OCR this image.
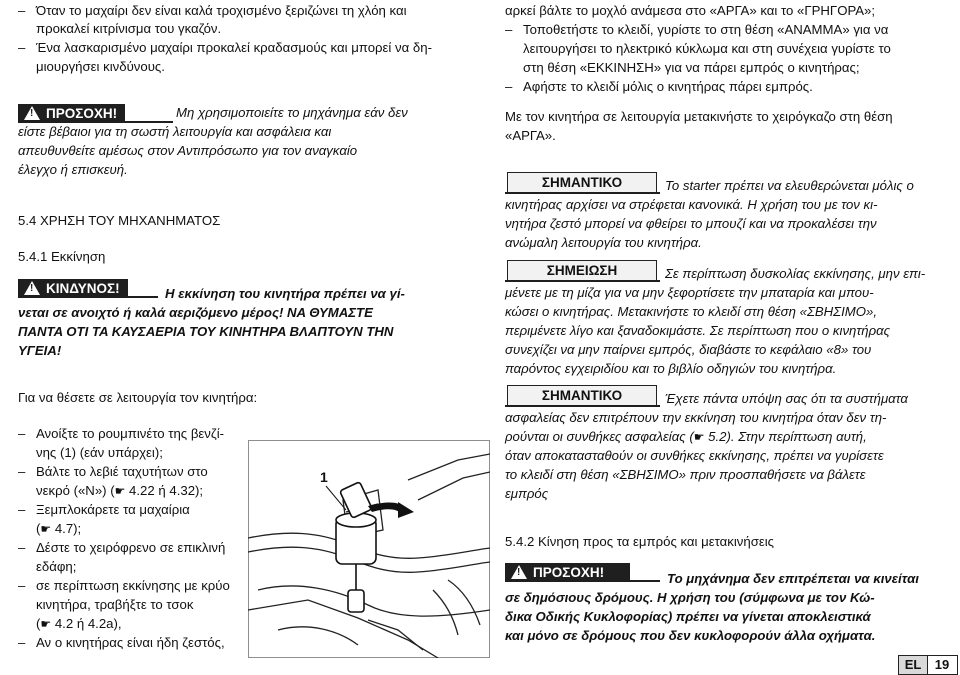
– Όταν το μαχαίρι δεν είναι καλά τροχισμένο ξεριζώνει τη χλόη και
προκαλεί κιτρίνισμα του γκαζόν.
– Ένα λασκαρισμένο μαχαίρι προκαλεί κραδασμούς και μπορεί να δη-
μιουργήσει κινδύνους.
! ΠΡΟΣΟΧΗ!	Μη χρησιμοποιείτε το μηχάνημα εάν δεν
είστε βέβαιοι για τη σωστή λειτουργία και ασφάλεια και
απευθυνθείτε αμέσως στον Αντιπρόσωπο για τον αναγκαίο
έλεγχο ή επισκευή.
5.4 ΧΡΗΣΗ ΤΟΥ ΜΗΧΑΝΗΜΑΤΟΣ
5.4.1 Εκκίνηση
! ΚΙΝΔΥΝΟΣ!	Η εκκίνηση του κινητήρα πρέπει να γί-
νεται σε ανοιχτό ή καλά αεριζόμενο μέρος! ΝΑ ΘΥΜΑΣΤΕ
ΠΑΝΤΑ ΟΤΙ ΤΑ ΚΑΥΣΑΕΡΙΑ ΤΟΥ ΚΙΝΗΤΗΡΑ ΒΛΑΠΤΟΥΝ ΤΗΝ
ΥΓΕΙΑ!
Για να θέσετε σε λειτουργία τον κινητήρα:
– Ανοίξτε το ρουμπινέτο της βενζί-
νης (1) (εάν υπάρχει);
– Βάλτε το λεβιέ ταχυτήτων στο
νεκρό («N») (☛ 4.22 ή 4.32);
– Ξεμπλοκάρετε τα μαχαίρια
(☛ 4.7);
– Δέστε το χειρόφρενο σε επικλινή
εδάφη;
– σε περίπτωση εκκίνησης με κρύο
κινητήρα, τραβήξτε το τσοκ
(☛ 4.2 ή 4.2a),
– Αν ο κινητήρας είναι ήδη ζεστός,
1
αρκεί βάλτε το μοχλό ανάμεσα στο «ΑΡΓΑ» και το «ΓΡΗΓΟΡΑ»;
– Τοποθετήστε το κλειδί, γυρίστε το στη θέση «ΑΝΑΜΜΑ» για να
λειτουργήσει το ηλεκτρικό κύκλωμα και στη συνέχεια γυρίστε το
στη θέση «ΕΚΚΙΝΗΣΗ» για να πάρει εμπρός ο κινητήρας;
– Αφήστε το κλειδί μόλις ο κινητήρας πάρει εμπρός.
Με τον κινητήρα σε λειτουργία μετακινήστε το χειρόγκαζο στη θέση
«ΑΡΓΑ».
ΣΗΜΑΝΤΙΚΟ	Το starter πρέπει να ελευθερώνεται μόλις ο
κινητήρας αρχίσει να στρέφεται κανονικά. Η χρήση του με τον κι-
νητήρα ζεστό μπορεί να φθείρει το μπουζί και να προκαλέσει την
ανώμαλη λειτουργία του κινητήρα.
ΣΗΜΕΙΩΣΗ	Σε περίπτωση δυσκολίας εκκίνησης, μην επι-
μένετε με τη μίζα για να μην ξεφορτίσετε την μπαταρία και μπου-
κώσει ο κινητήρας. Μετακινήστε το κλειδί στη θέση «ΣΒΗΣΙΜΟ»,
περιμένετε λίγο και ξαναδοκιμάστε. Σε περίπτωση που ο κινητήρας
συνεχίζει να μην παίρνει εμπρός, διαβάστε το κεφάλαιο «8» του
παρόντος εγχειριδίου και το βιβλίο οδηγιών του κινητήρα.
ΣΗΜΑΝΤΙΚΟ	Έχετε πάντα υπόψη σας ότι τα συστήματα
ασφαλείας δεν επιτρέπουν την εκκίνηση του κινητήρα όταν δεν τη-
ρούνται οι συνθήκες ασφαλείας (☛ 5.2). Στην περίπτωση αυτή,
όταν αποκατασταθούν οι συνθήκες εκκίνησης, πρέπει να γυρίσετε
το κλειδί στη θέση «ΣΒΗΣΙΜΟ» πριν προσπαθήσετε να βάλετε
εμπρός
5.4.2 Κίνηση προς τα εμπρός και μετακινήσεις
! ΠΡΟΣΟΧΗ!	Το μηχάνημα δεν επιτρέπεται να κινείται
σε δημόσιους δρόμους. Η χρήση του (σύμφωνα με τον Κώ-
δικα Οδικής Κυκλοφορίας) πρέπει να γίνεται αποκλειστικά
και μόνο σε δρόμους που δεν κυκλοφορούν άλλα οχήματα.
EL 19
